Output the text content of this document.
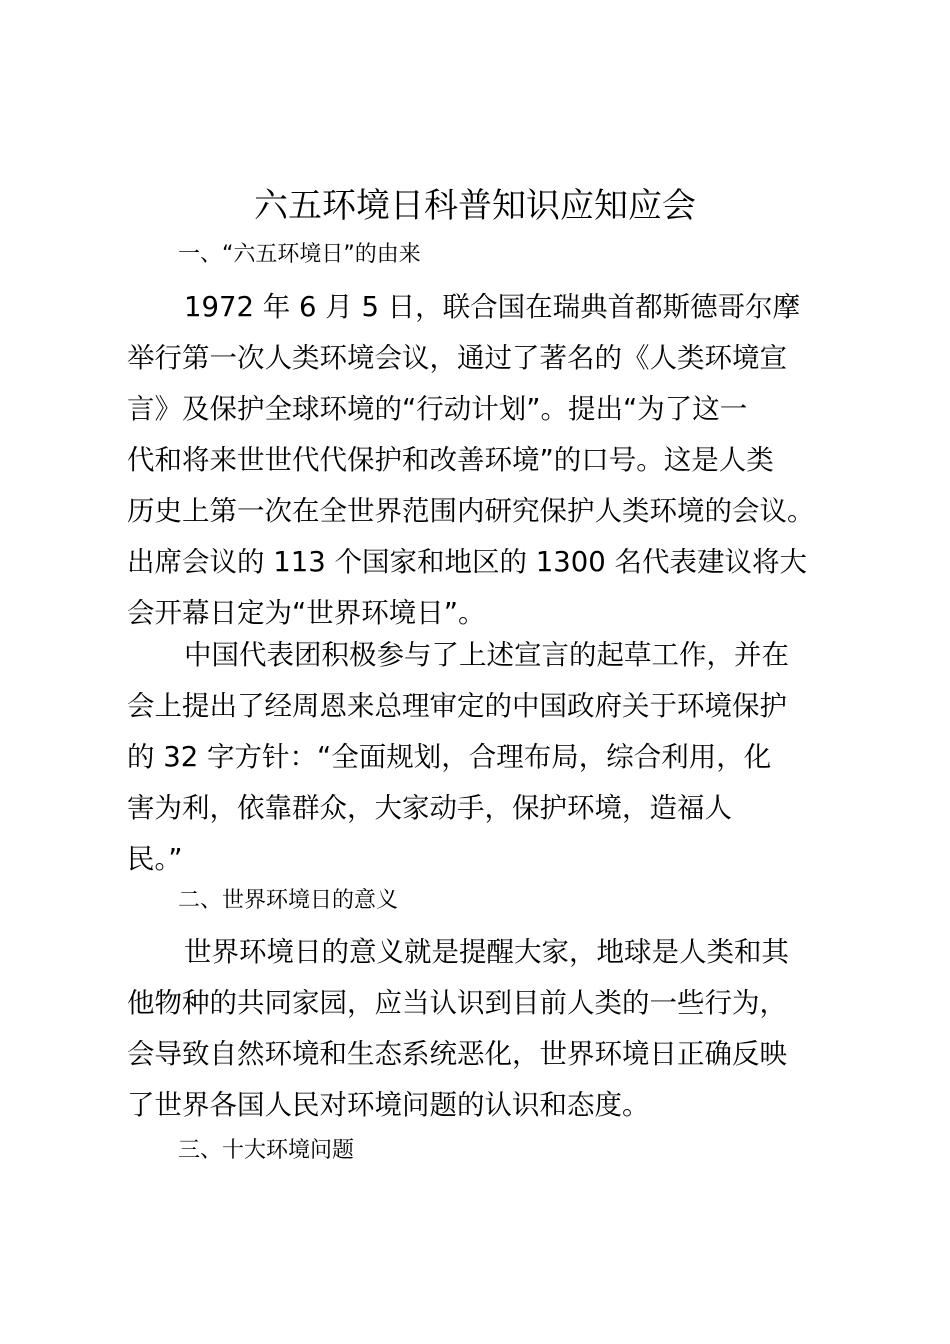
六五环境日科普知识应知应会
一、“六五环境日”的由来
1972 年 6 月 5 日，联合国在瑞典首都斯德哥尔摩
举行第一次人类环境会议，通过了著名的《人类环境宣
言》及保护全球环境的“行动计划”。提出“为了这一
代和将来世世代代保护和改善环境”的口号。这是人类
历史上第一次在全世界范围内研究保护人类环境的会议。
出席会议的 113 个国家和地区的 1300 名代表建议将大
会开幕日定为“世界环境日”。
中国代表团积极参与了上述宣言的起草工作，并在
会上提出了经周恩来总理审定的中国政府关于环境保护
的 32 字方针：“全面规划，合理布局，综合利用，化
害为利，依靠群众，大家动手，保护环境，造福人
民。”
二、世界环境日的意义
世界环境日的意义就是提醒大家，地球是人类和其
他物种的共同家园，应当认识到目前人类的一些行为，
会导致自然环境和生态系统恶化，世界环境日正确反映
了世界各国人民对环境问题的认识和态度。
三、十大环境问题
